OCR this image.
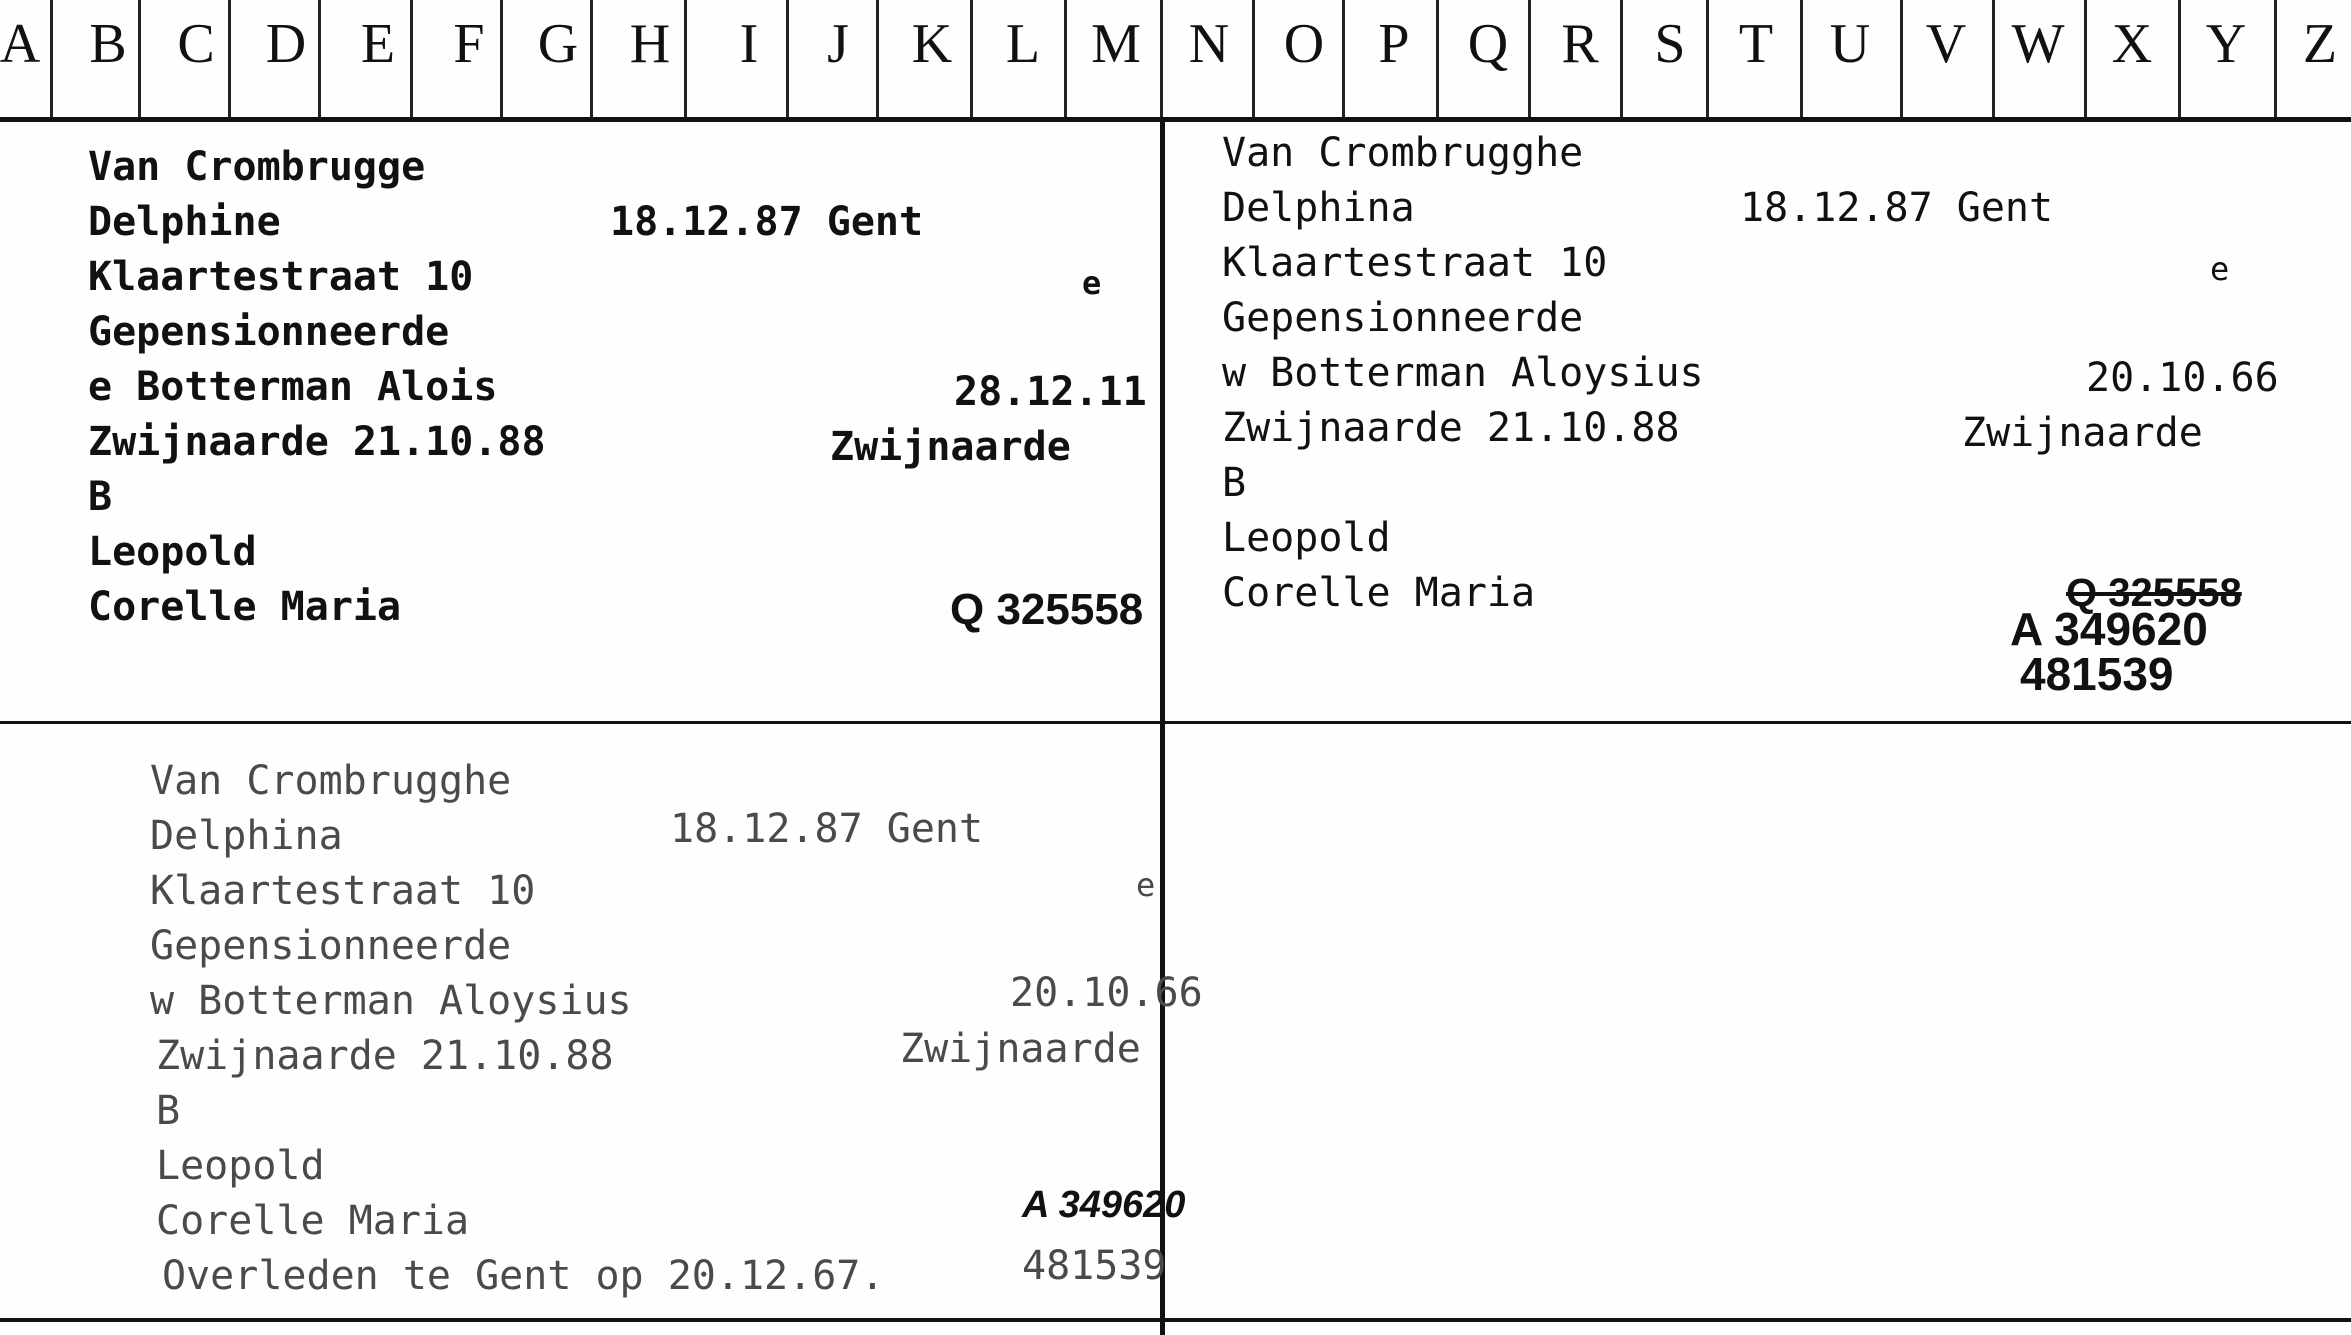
A B C D E	F G H	I	J	K L M N O P	Q R S T	U V W X Y	Z
Van Crombrugge
Delphine	18.12.87 Gent
Klaartestraat 10	e
Gepensionneerde
e Botterman Alois	28.12.11
Zwijnaarde 21.10.88	Zwijnaarde
B
Leopold
Corelle Maria	Q 325558
Van Crombrugghe
Delphina	18.12.87 Gent
Klaartestraat 10	e
Gepensionneerde
w Botterman Aloysius	20.10.66
Zwijnaarde 21.10.88	Zwijnaarde
B
Leopold
Corelle Maria	Q 325558
A 349620
481539
Van Crombrugghe
Delphina	18.12.87 Gent
Klaartestraat 10	e
Gepensionneerde
w Botterman Aloysius	20.10.66
Zwijnaarde 21.10.88	Zwijnaarde
B
Leopold
Corelle Maria	A 349620
Overleden te Gent op 20.12.67.	481539
